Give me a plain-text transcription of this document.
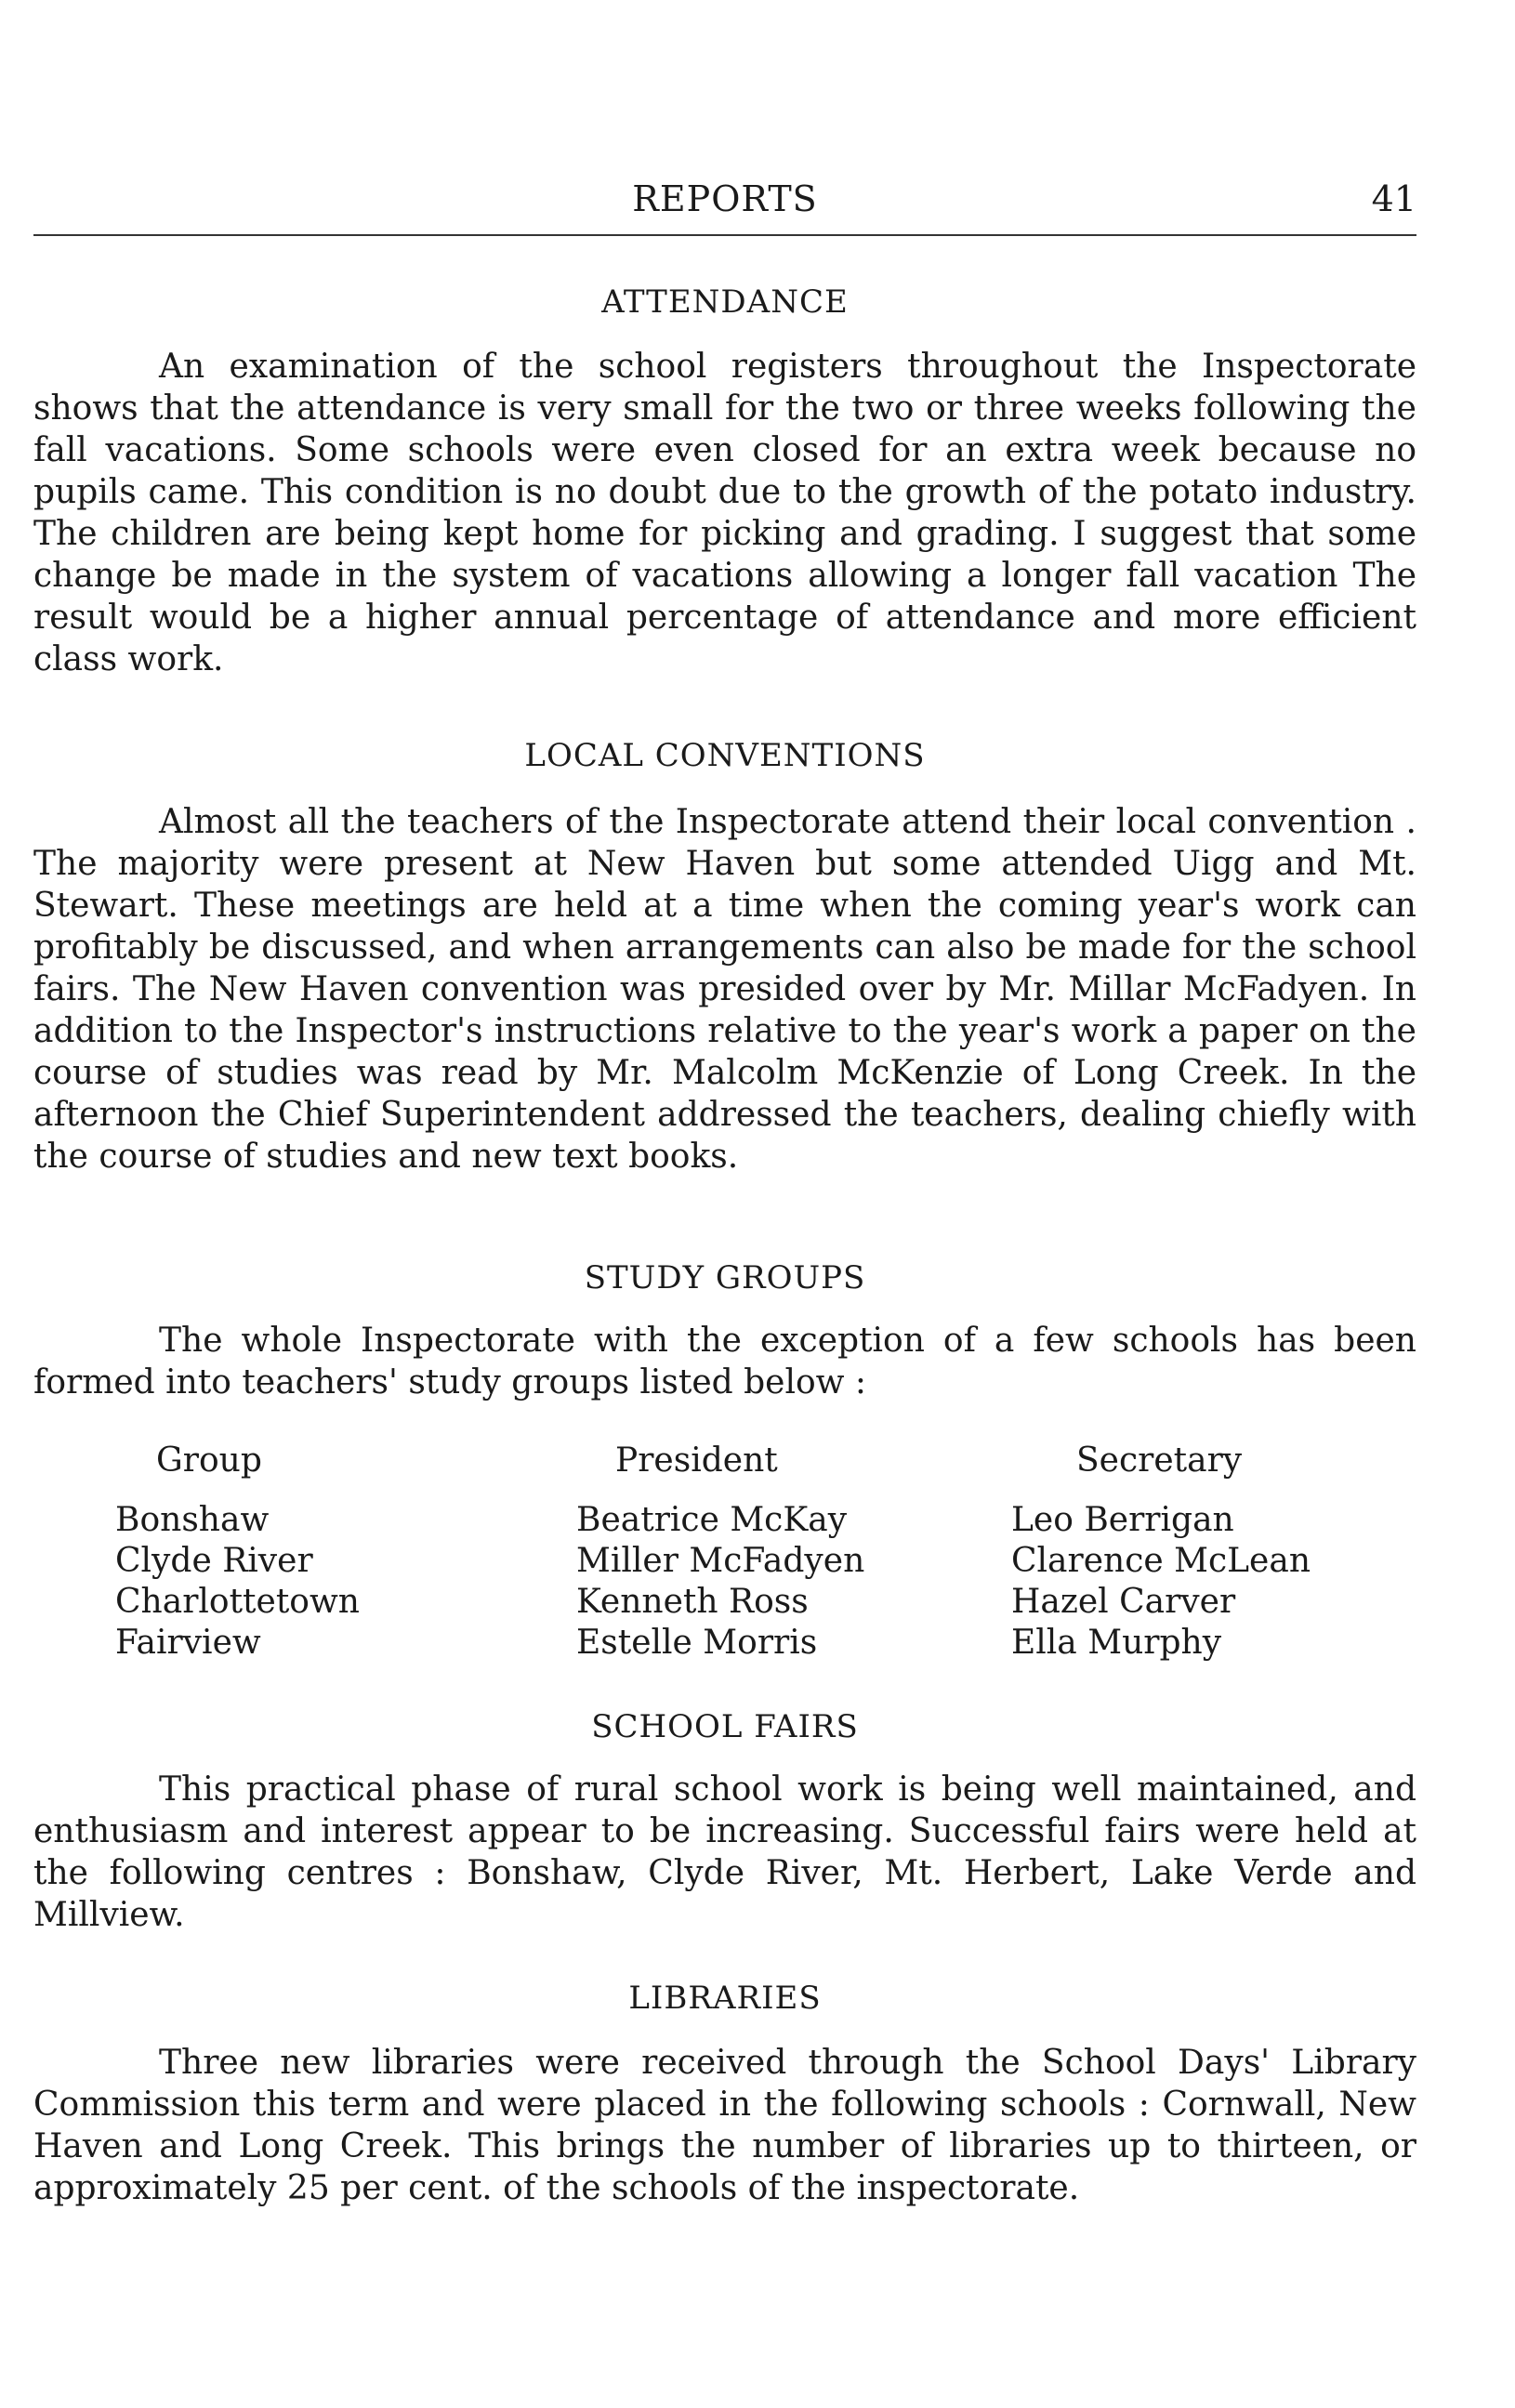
REPORTS	41
ATTENDANCE
An examination of the school registers throughout the Inspectorate shows that the attendance is very small for the two or three weeks following the fall vacations. Some schools were even closed for an extra week because no pupils came. This condition is no doubt due to the growth of the potato industry. The children are being kept home for picking and grading. I suggest that some change be made in the system of vacations allowing a longer fall vacation The result would be a higher annual percentage of attendance and more efficient class work.
LOCAL CONVENTIONS
Almost all the teachers of the Inspectorate attend their local convention . The majority were present at New Haven but some attended Uigg and Mt. Stewart. These meetings are held at a time when the coming year's work can profitably be discussed, and when arrangements can also be made for the school fairs. The New Haven convention was presided over by Mr. Millar McFadyen. In addition to the Inspector's instructions relative to the year's work a paper on the course of studies was read by Mr. Malcolm McKenzie of Long Creek. In the afternoon the Chief Superintendent addressed the teachers, dealing chiefly with the course of studies and new text books.
STUDY GROUPS
The whole Inspectorate with the exception of a few schools has been formed into teachers' study groups listed below :
Group
Bonshaw
Clyde River
Charlottetown
Fairview
President
Beatrice McKay
Miller McFadyen
Kenneth Ross
Estelle Morris
Secretary
Leo Berrigan
Clarence McLean
Hazel Carver
Ella Murphy
SCHOOL FAIRS
This practical phase of rural school work is being well maintained, and enthusiasm and interest appear to be increasing. Successful fairs were held at the following centres : Bonshaw, Clyde River, Mt. Herbert, Lake Verde and Millview.
LIBRARIES
Three new libraries were received through the School Days' Library Commission this term and were placed in the following schools : Cornwall, New Haven and Long Creek. This brings the number of libraries up to thirteen, or approximately 25 per cent. of the schools of the inspectorate.
